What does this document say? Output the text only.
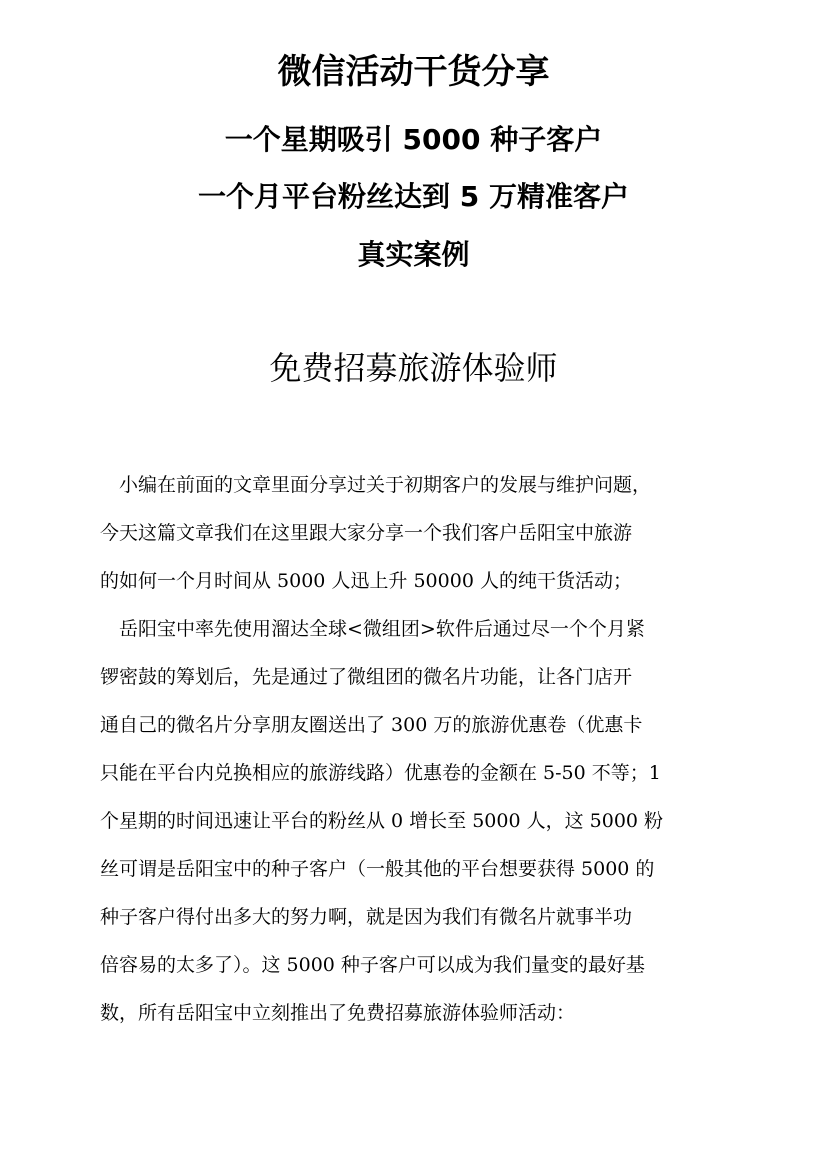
微信活动干货分享
一个星期吸引 5000 种子客户
一个月平台粉丝达到 5 万精准客户
真实案例
免费招募旅游体验师
　小编在前面的文章里面分享过关于初期客户的发展与维护问题，
今天这篇文章我们在这里跟大家分享一个我们客户岳阳宝中旅游
的如何一个月时间从 5000 人迅上升 50000 人的纯干货活动；
　岳阳宝中率先使用溜达全球<微组团>软件后通过尽一个个月紧
锣密鼓的筹划后，先是通过了微组团的微名片功能，让各门店开
通自己的微名片分享朋友圈送出了 300 万的旅游优惠卷（优惠卡
只能在平台内兑换相应的旅游线路）优惠卷的金额在 5-50 不等；1
个星期的时间迅速让平台的粉丝从 0 增长至 5000 人，这 5000 粉
丝可谓是岳阳宝中的种子客户（一般其他的平台想要获得 5000 的
种子客户得付出多大的努力啊，就是因为我们有微名片就事半功
倍容易的太多了）。这 5000 种子客户可以成为我们量变的最好基
数，所有岳阳宝中立刻推出了免费招募旅游体验师活动：
